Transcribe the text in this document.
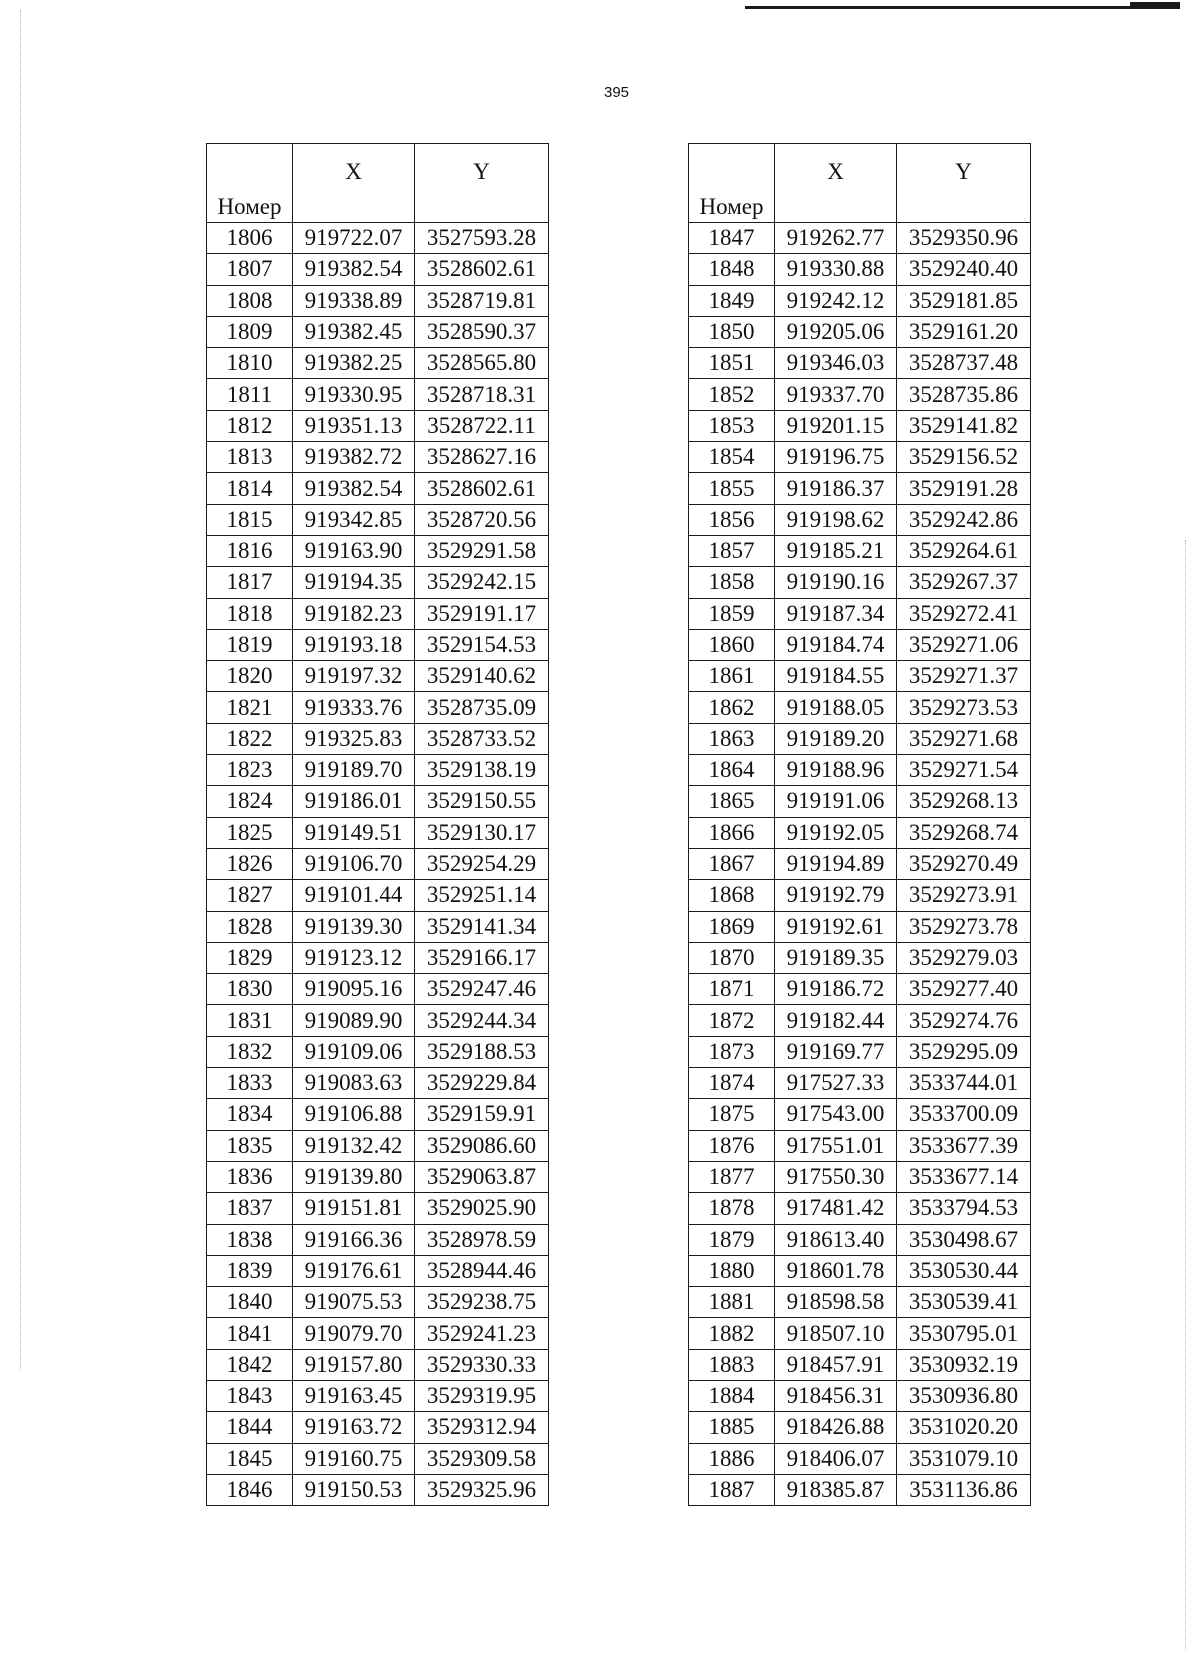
395
Номер	X	Y
1806	919722.07	3527593.28
1807	919382.54	3528602.61
1808	919338.89	3528719.81
1809	919382.45	3528590.37
1810	919382.25	3528565.80
1811	919330.95	3528718.31
1812	919351.13	3528722.11
1813	919382.72	3528627.16
1814	919382.54	3528602.61
1815	919342.85	3528720.56
1816	919163.90	3529291.58
1817	919194.35	3529242.15
1818	919182.23	3529191.17
1819	919193.18	3529154.53
1820	919197.32	3529140.62
1821	919333.76	3528735.09
1822	919325.83	3528733.52
1823	919189.70	3529138.19
1824	919186.01	3529150.55
1825	919149.51	3529130.17
1826	919106.70	3529254.29
1827	919101.44	3529251.14
1828	919139.30	3529141.34
1829	919123.12	3529166.17
1830	919095.16	3529247.46
1831	919089.90	3529244.34
1832	919109.06	3529188.53
1833	919083.63	3529229.84
1834	919106.88	3529159.91
1835	919132.42	3529086.60
1836	919139.80	3529063.87
1837	919151.81	3529025.90
1838	919166.36	3528978.59
1839	919176.61	3528944.46
1840	919075.53	3529238.75
1841	919079.70	3529241.23
1842	919157.80	3529330.33
1843	919163.45	3529319.95
1844	919163.72	3529312.94
1845	919160.75	3529309.58
1846	919150.53	3529325.96
Номер	X	Y
1847	919262.77	3529350.96
1848	919330.88	3529240.40
1849	919242.12	3529181.85
1850	919205.06	3529161.20
1851	919346.03	3528737.48
1852	919337.70	3528735.86
1853	919201.15	3529141.82
1854	919196.75	3529156.52
1855	919186.37	3529191.28
1856	919198.62	3529242.86
1857	919185.21	3529264.61
1858	919190.16	3529267.37
1859	919187.34	3529272.41
1860	919184.74	3529271.06
1861	919184.55	3529271.37
1862	919188.05	3529273.53
1863	919189.20	3529271.68
1864	919188.96	3529271.54
1865	919191.06	3529268.13
1866	919192.05	3529268.74
1867	919194.89	3529270.49
1868	919192.79	3529273.91
1869	919192.61	3529273.78
1870	919189.35	3529279.03
1871	919186.72	3529277.40
1872	919182.44	3529274.76
1873	919169.77	3529295.09
1874	917527.33	3533744.01
1875	917543.00	3533700.09
1876	917551.01	3533677.39
1877	917550.30	3533677.14
1878	917481.42	3533794.53
1879	918613.40	3530498.67
1880	918601.78	3530530.44
1881	918598.58	3530539.41
1882	918507.10	3530795.01
1883	918457.91	3530932.19
1884	918456.31	3530936.80
1885	918426.88	3531020.20
1886	918406.07	3531079.10
1887	918385.87	3531136.86
